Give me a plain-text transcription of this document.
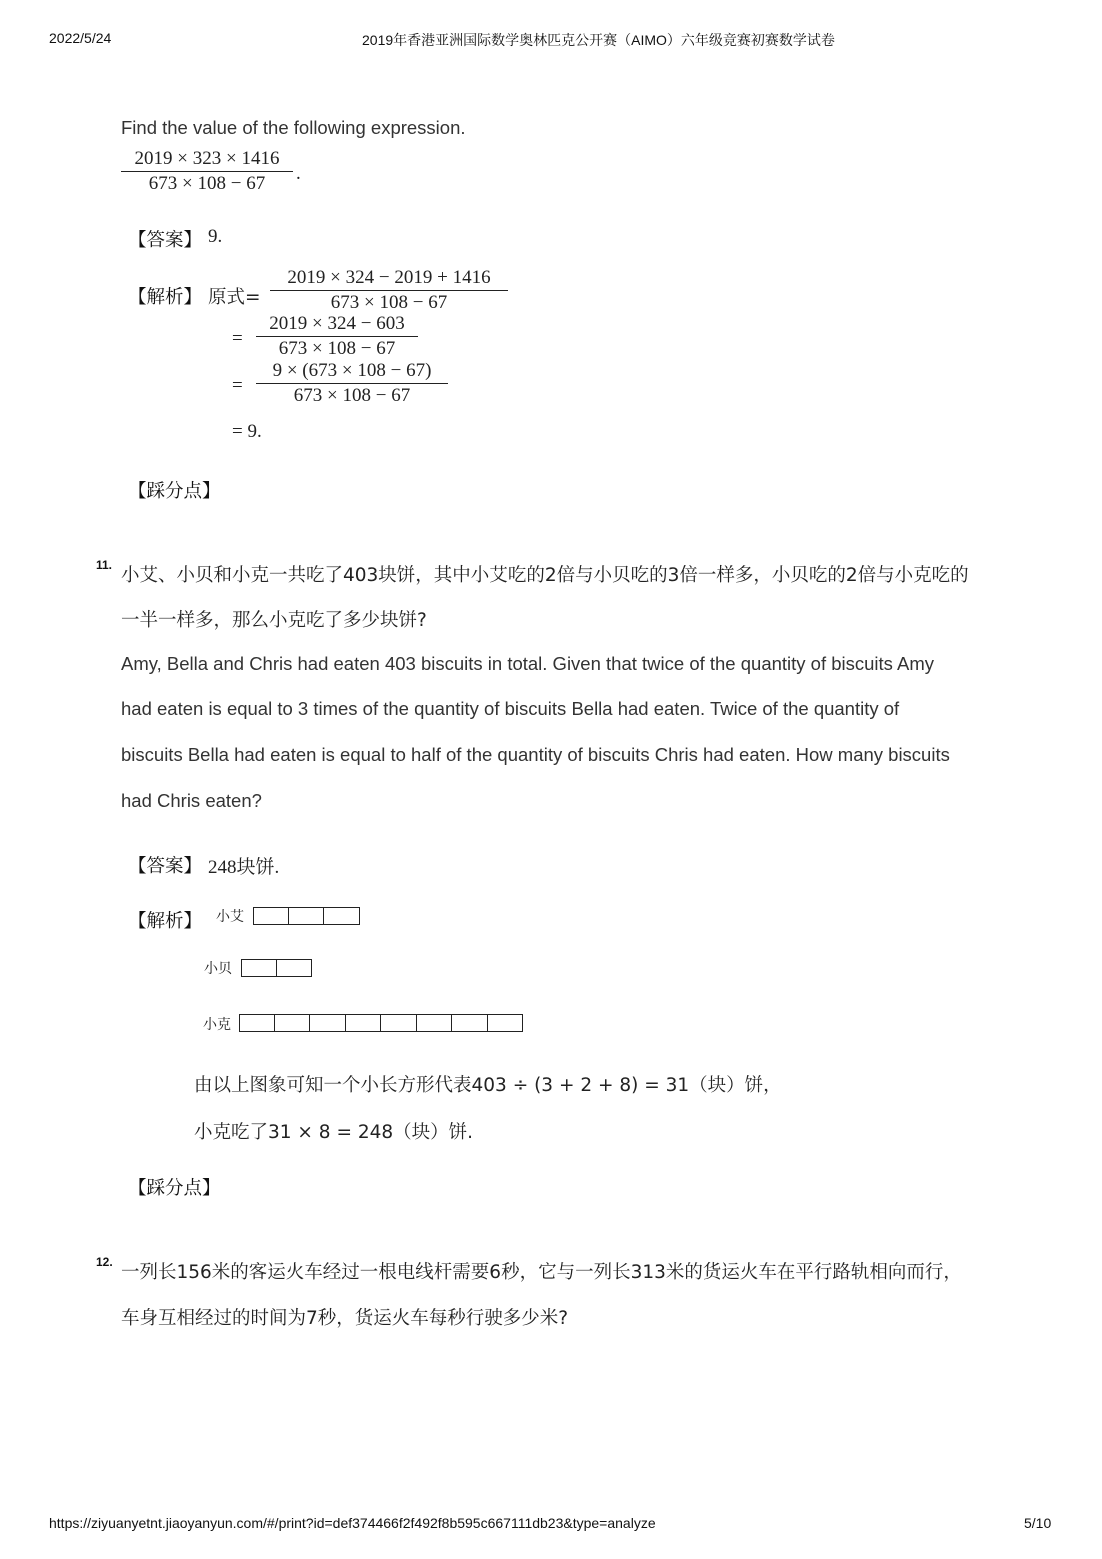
2022/5/24	2019年香港亚洲国际数学奥林匹克公开赛（AIMO）六年级竞赛初赛数学试卷
Find the value of the following expression.
$\frac{2019 \times 323 \times 1416}{673 \times 108 - 67}$ .
【答案】 9.
【解析】 原式= $\frac{2019 \times 324 - 2019 + 1416}{673 \times 108 - 67}$
= $\frac{2019 \times 324 - 603}{673 \times 108 - 67}$
= $\frac{9 \times (673 \times 108 - 67)}{673 \times 108 - 67}$
= 9.
【踩分点】
11. 小艾、小贝和小克一共吃了403块饼，其中小艾吃的2倍与小贝吃的3倍一样多，小贝吃的2倍与小克吃的
一半一样多，那么小克吃了多少块饼?
Amy, Bella and Chris had eaten 403 biscuits in total. Given that twice of the quantity of biscuits Amy
had eaten is equal to 3 times of the quantity of biscuits Bella had eaten. Twice of the quantity of
biscuits Bella had eaten is equal to half of the quantity of biscuits Chris had eaten. How many biscuits
had Chris eaten?
【答案】 248块饼.
【解析】 小艾
小贝
小克
由以上图象可知一个小长方形代表403 ÷ (3 + 2 + 8) = 31（块）饼，
小克吃了31 × 8 = 248（块）饼.
【踩分点】
12. 一列长156米的客运火车经过一根电线杆需要6秒，它与一列长313米的货运火车在平行路轨相向而行，
车身互相经过的时间为7秒，货运火车每秒行驶多少米?
https://ziyuanyetnt.jiaoyanyun.com/#/print?id=def374466f2f492f8b595c667111db23&type=analyze	5/10
